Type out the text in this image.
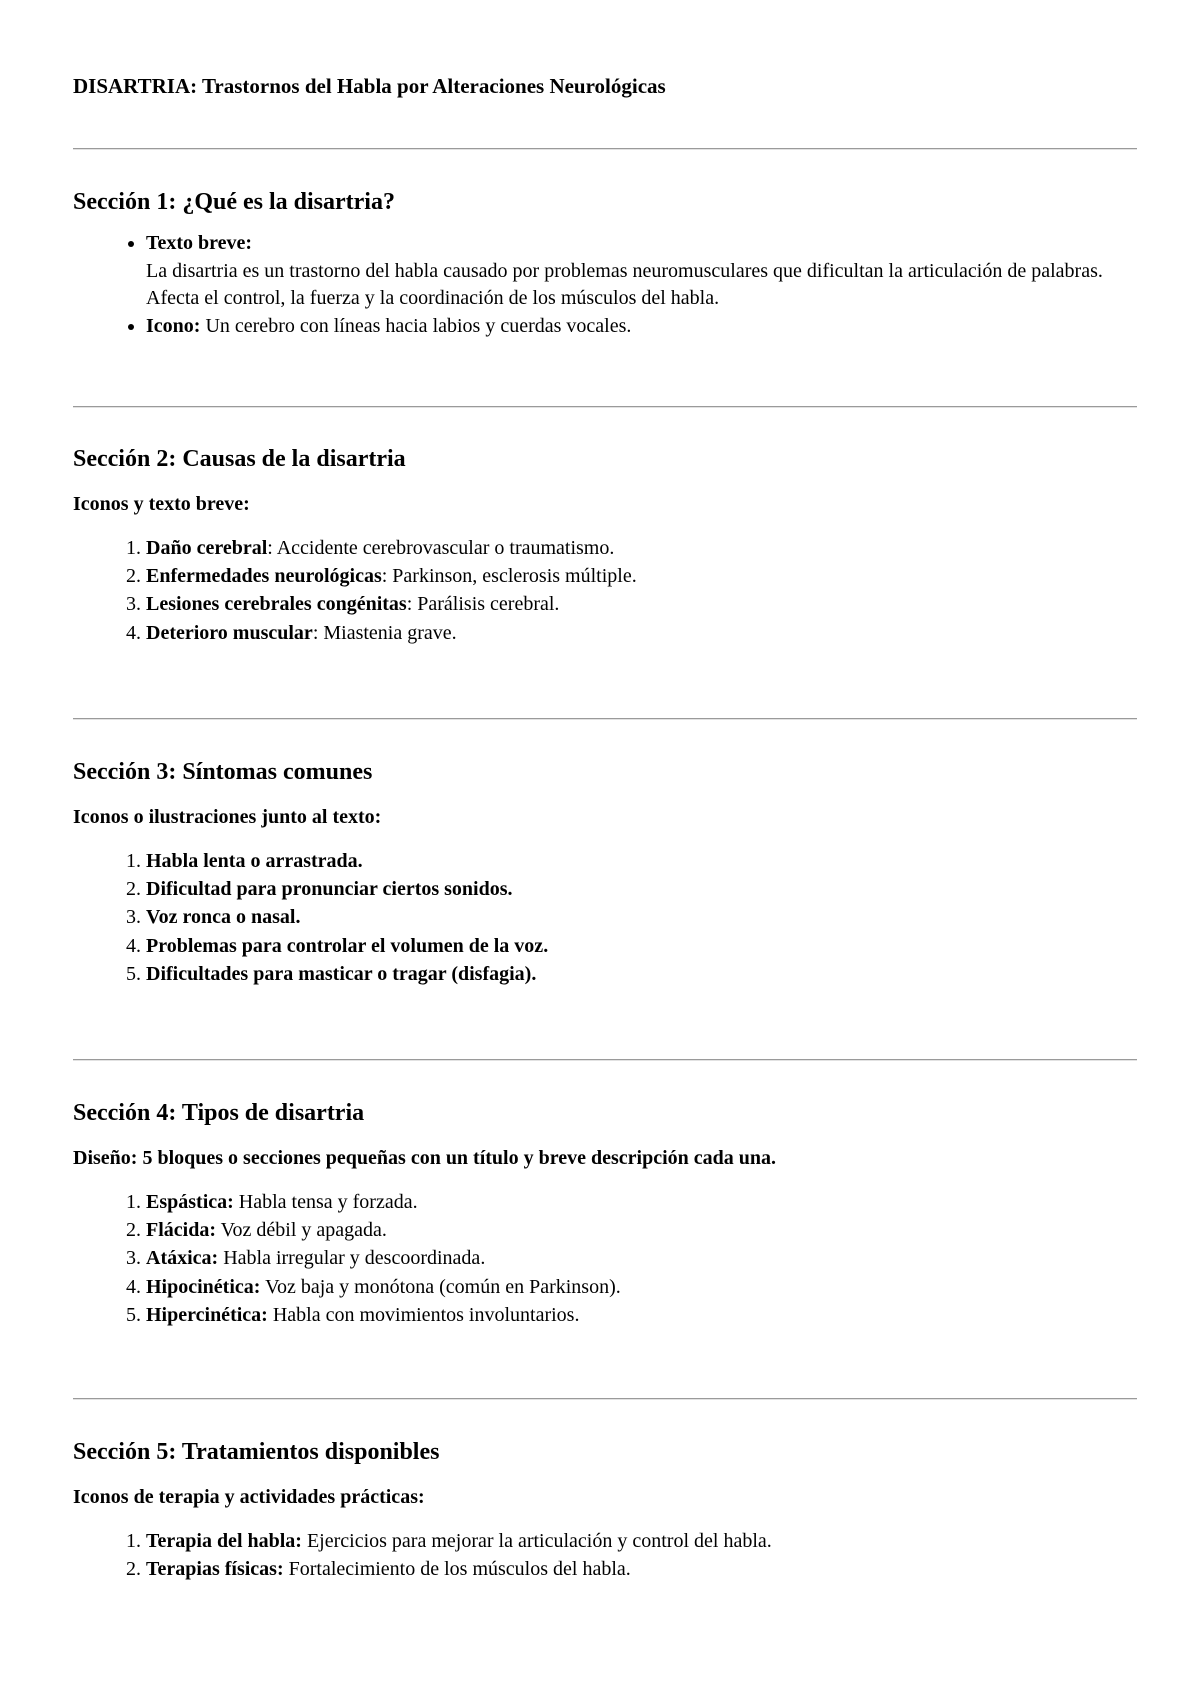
DISARTRIA: Trastornos del Habla por Alteraciones Neurológicas
Sección 1: ¿Qué es la disartria?
• Texto breve:
La disartria es un trastorno del habla causado por problemas neuromusculares que dificultan la articulación de palabras. Afecta el control, la fuerza y la coordinación de los músculos del habla.
• Icono: Un cerebro con líneas hacia labios y cuerdas vocales.
Sección 2: Causas de la disartria

Iconos y texto breve:

1. Daño cerebral: Accidente cerebrovascular o traumatismo.
2. Enfermedades neurológicas: Parkinson, esclerosis múltiple.
3. Lesiones cerebrales congénitas: Parálisis cerebral.
4. Deterioro muscular: Miastenia grave.
Sección 3: Síntomas comunes

Iconos o ilustraciones junto al texto:

1. Habla lenta o arrastrada.
2. Dificultad para pronunciar ciertos sonidos.
3. Voz ronca o nasal.
4. Problemas para controlar el volumen de la voz.
5. Dificultades para masticar o tragar (disfagia).
Sección 4: Tipos de disartria

Diseño: 5 bloques o secciones pequeñas con un título y breve descripción cada una.

1. Espástica: Habla tensa y forzada.
2. Flácida: Voz débil y apagada.
3. Atáxica: Habla irregular y descoordinada.
4. Hipocinética: Voz baja y monótona (común en Parkinson).
5. Hipercinética: Habla con movimientos involuntarios.
Sección 5: Tratamientos disponibles

Iconos de terapia y actividades prácticas:

1. Terapia del habla: Ejercicios para mejorar la articulación y control del habla.
2. Terapias físicas: Fortalecimiento de los músculos del habla.
